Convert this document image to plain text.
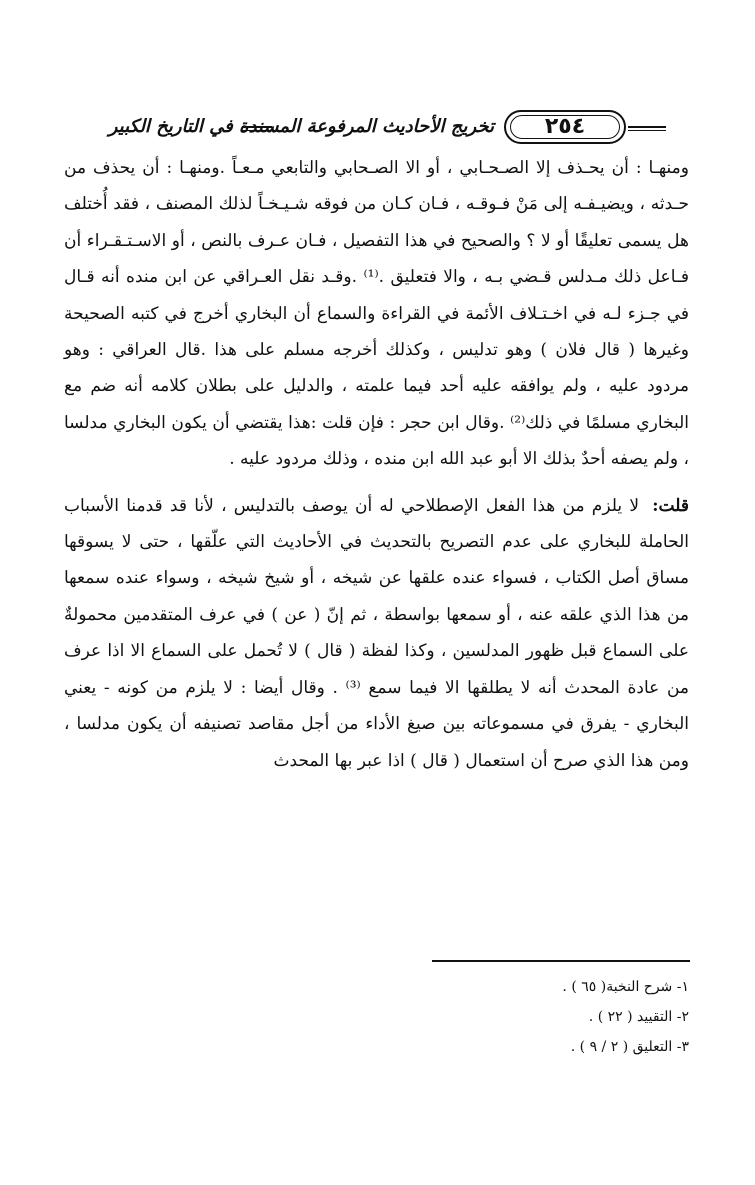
٢٥٤
تخريج الأحاديث المرفوعة المسندة في التاريخ الكبير

ومنهـا : أن يحـذف إلا الصـحـابي ، أو الا الصـحابي والتابعي مـعـاً .ومنهـا : أن يحذف من حـدثه ، ويضيـفـه إلى مَنْ فـوقـه ، فـان كـان من فوقه شـيـخـاً لذلك المصنف ، فقد أُختلف هل يسمى تعليقًا أو لا ؟ والصحيح في هذا التفصيل ، فـان عـرف بالنص ، أو الاسـتـقـراء أن فـاعل ذلك مـدلس قـضي بـه ، والا فتعليق .⁽¹⁾ .وقـد نقل العـراقي عن ابن منده أنه قـال في جـزء لـه في اخـتـلاف الأئمة في القراءة والسماع أن البخاري أخرج في كتبه الصحيحة وغيرها ( قال فلان ) وهو تدليس ، وكذلك أخرجه مسلم على هذا .قال العراقي : وهو مردود عليه ، ولم يوافقه عليه أحد فيما علمته ، والدليل على بطلان كلامه أنه ضم مع البخاري مسلمًا في ذلك⁽²⁾ .وقال ابن حجر : فإن قلت :هذا يقتضي أن يكون البخاري مدلسا ، ولم يصفه أحدٌ بذلك الا أبو عبد الله ابن منده ، وذلك مردود عليه .

قلت: لا يلزم من هذا الفعل الإصطلاحي له أن يوصف بالتدليس ، لأنا قد قدمنا الأسباب الحاملة للبخاري على عدم التصريح بالتحديث في الأحاديث التي علّقها ، حتى لا يسوقها مساق أصل الكتاب ، فسواء عنده علقها عن شيخه ، أو شيخ شيخه ، وسواء عنده سمعها من هذا الذي علقه عنه ، أو سمعها بواسطة ، ثم إنّ ( عن ) في عرف المتقدمين محمولةٌ على السماع قبل ظهور المدلسين ، وكذا لفظة ( قال ) لا تُحمل على السماع الا اذا عرف من عادة المحدث أنه لا يطلقها الا فيما سمع ⁽³⁾ . وقال أيضا : لا يلزم من كونه - يعني البخاري - يفرق في مسموعاته بين صيغ الأداء من أجل مقاصد تصنيفه أن يكون مدلسا ، ومن هذا الذي صرح أن استعمال ( قال ) اذا عبر بها المحدث

١- شرح النخبة( ٦٥ ) .

٢- التقييد ( ٢٢ ) .

٣- التعليق ( ٢ / ٩ ) .
